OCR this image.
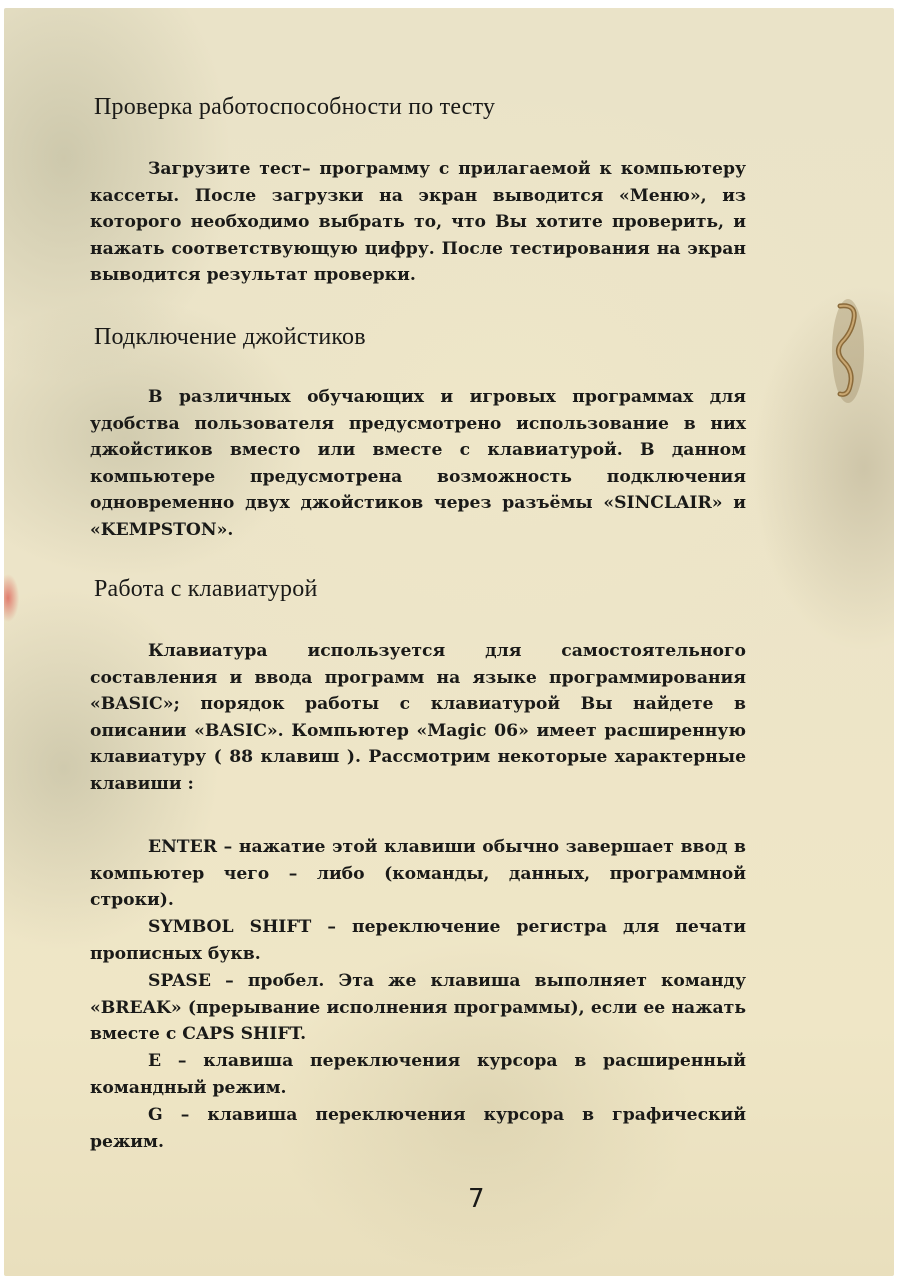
Проверка работоспособности по тесту

Загрузите тест– программу с прилагаемой к компьютеру кассеты. После загрузки на экран выводится «Меню», из которого необходимо выбрать то, что Вы хотите проверить, и нажать соответствующую цифру. После тестирования на экран выводится результат проверки.

Подключение джойстиков

В различных обучающих и игровых программах для удобства пользователя предусмотрено использование в них джойстиков вместо или вместе с клавиатурой. В данном компьютере предусмотрена возможность подключения одновременно двух джойстиков через разъёмы «SINCLAIR» и «KEMPSTON».

Работа с клавиатурой

Клавиатура используется для самостоятельного составления и ввода программ на языке программирования «BASIC»; порядок работы с клавиатурой Вы найдете в описании «BASIC». Компьютер «Magic 06» имеет расширенную клавиатуру ( 88 клавиш ). Рассмотрим некоторые характерные клавиши :

ENTER – нажатие этой клавиши обычно завершает ввод в компьютер чего – либо (команды, данных, программной строки).

SYMBOL SHIFT – переключение регистра для печати прописных букв.

SPASE – пробел. Эта же клавиша выполняет команду «BREAK» (прерывание исполнения программы), если ее нажать вместе с CAPS SHIFT.

E – клавиша переключения курсора в расширенный командный режим.

G – клавиша переключения курсора в графический режим.

7
